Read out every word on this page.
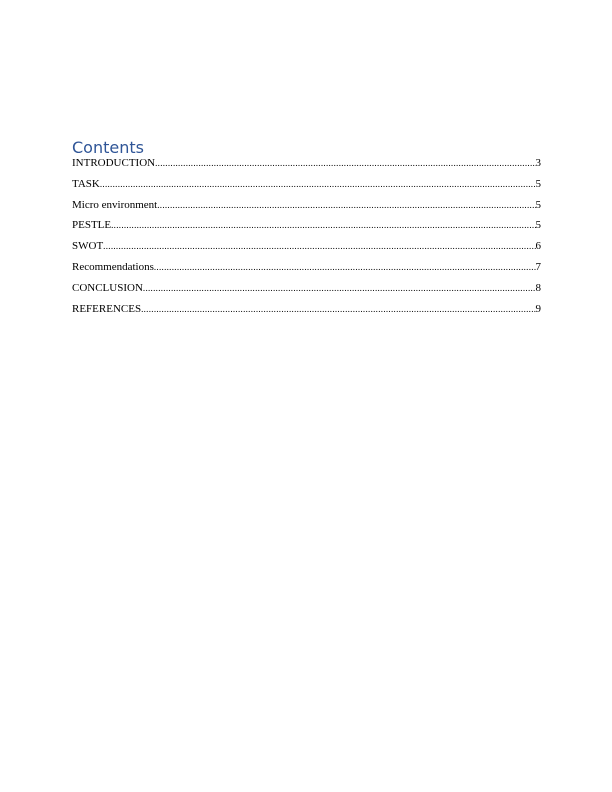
Contents
INTRODUCTION .....	3
TASK .....	5
Micro environment .....	5
PESTLE .....	5
SWOT .....	6
Recommendations .....	7
CONCLUSION .....	8
REFERENCES .....	9
